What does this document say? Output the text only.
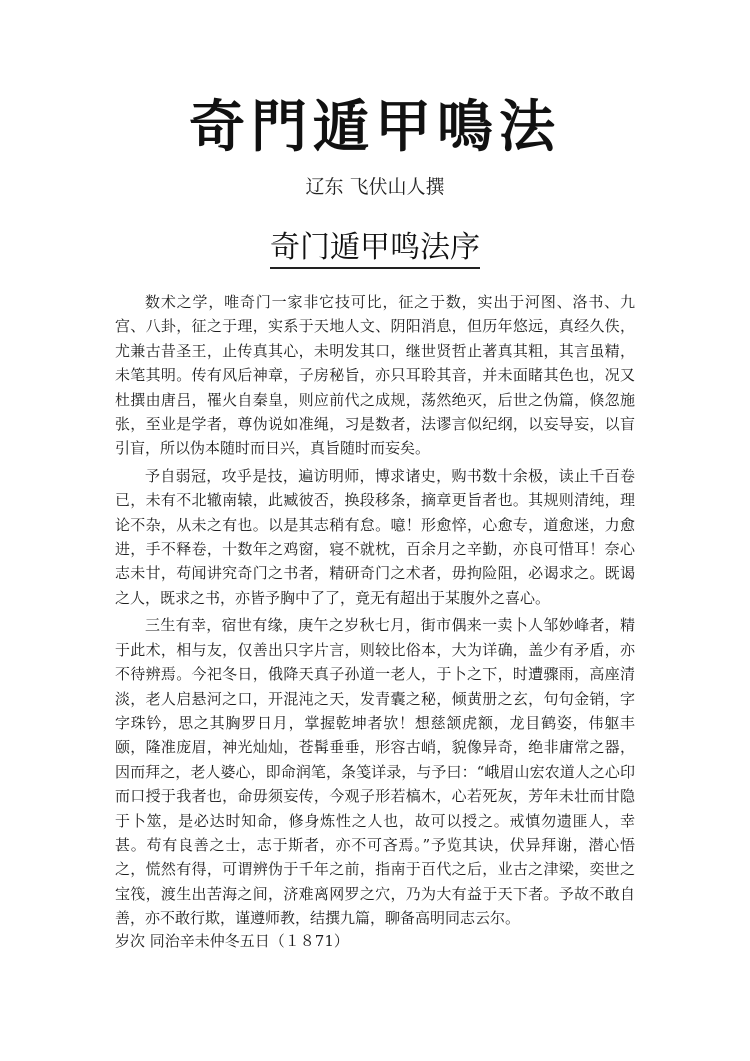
奇門遁甲鳴法
辽东 飞伏山人撰
奇门遁甲鸣法序

数术之学，唯奇门一家非它技可比，征之于数，实出于河图、洛书、九宫、八卦，征之于理，实系于天地人文、阴阳消息，但历年悠远，真经久佚，尤兼古昔圣王，止传真其心，未明发其口，继世贤哲止著真其粗，其言虽精，未笔其明。传有风后神章，子房秘旨，亦只耳聆其音，并未面睹其色也，况又杜撰由唐吕，罹火自秦皇，则应前代之成规，荡然绝灭，后世之伪篇，倏忽施张，至业是学者，尊伪说如准绳，习是数者，法谬言似纪纲，以妄导妄，以盲引盲，所以伪本随时而日兴，真旨随时而妄矣。

予自弱冠，攻乎是技，遍访明师，博求诸史，购书数十余极，读止千百卷已，未有不北辙南辕，此臧彼否，换段移条，摘章更旨者也。其规则清纯，理论不杂，从未之有也。以是其志稍有怠。噫！形愈悴，心愈专，道愈迷，力愈进，手不释卷，十数年之鸡窗，寝不就枕，百余月之辛勤，亦良可惜耳！奈心志未甘，苟闻讲究奇门之书者，精研奇门之术者，毋拘险阻，必谒求之。既谒之人，既求之书，亦皆予胸中了了，竟无有超出于某腹外之喜心。

三生有幸，宿世有缘，庚午之岁秋七月，街市偶来一卖卜人邹妙峰者，精于此术，相与友，仅善出只字片言，则较比俗本，大为详确，盖少有矛盾，亦不待辨焉。今祀冬日，俄降天真子孙道一老人，于卜之下，时遭骤雨，高座清淡，老人启悬河之口，开混沌之天，发青囊之秘，倾黄册之玄，句句金销，字字珠钤，思之其胸罗日月，掌握乾坤者欤！想慈颔虎额，龙目鹤姿，伟躯丰颐，隆准庞眉，神光灿灿，苍髯垂垂，形容古峭，貌像异奇，绝非庸常之器，因而拜之，老人婆心，即命润笔，条笺详录，与予曰：“峨眉山宏农道人之心印而口授于我者也，命毋须妄传，今观子形若槁木，心若死灰，芳年未壮而甘隐于卜筮，是必达时知命，修身炼性之人也，故可以授之。戒慎勿遗匪人，幸甚。苟有良善之士，志于斯者，亦不可吝焉。”予览其诀，伏异拜谢，潜心悟之，慌然有得，可谓辨伪于千年之前，指南于百代之后，业古之津梁，奕世之宝筏，渡生出苦海之间，济难离网罗之穴，乃为大有益于天下者。予故不敢自善，亦不敢行欺，谨遵师教，结撰九篇，聊备高明同志云尔。

岁次 同治辛未仲冬五日（１８71）
